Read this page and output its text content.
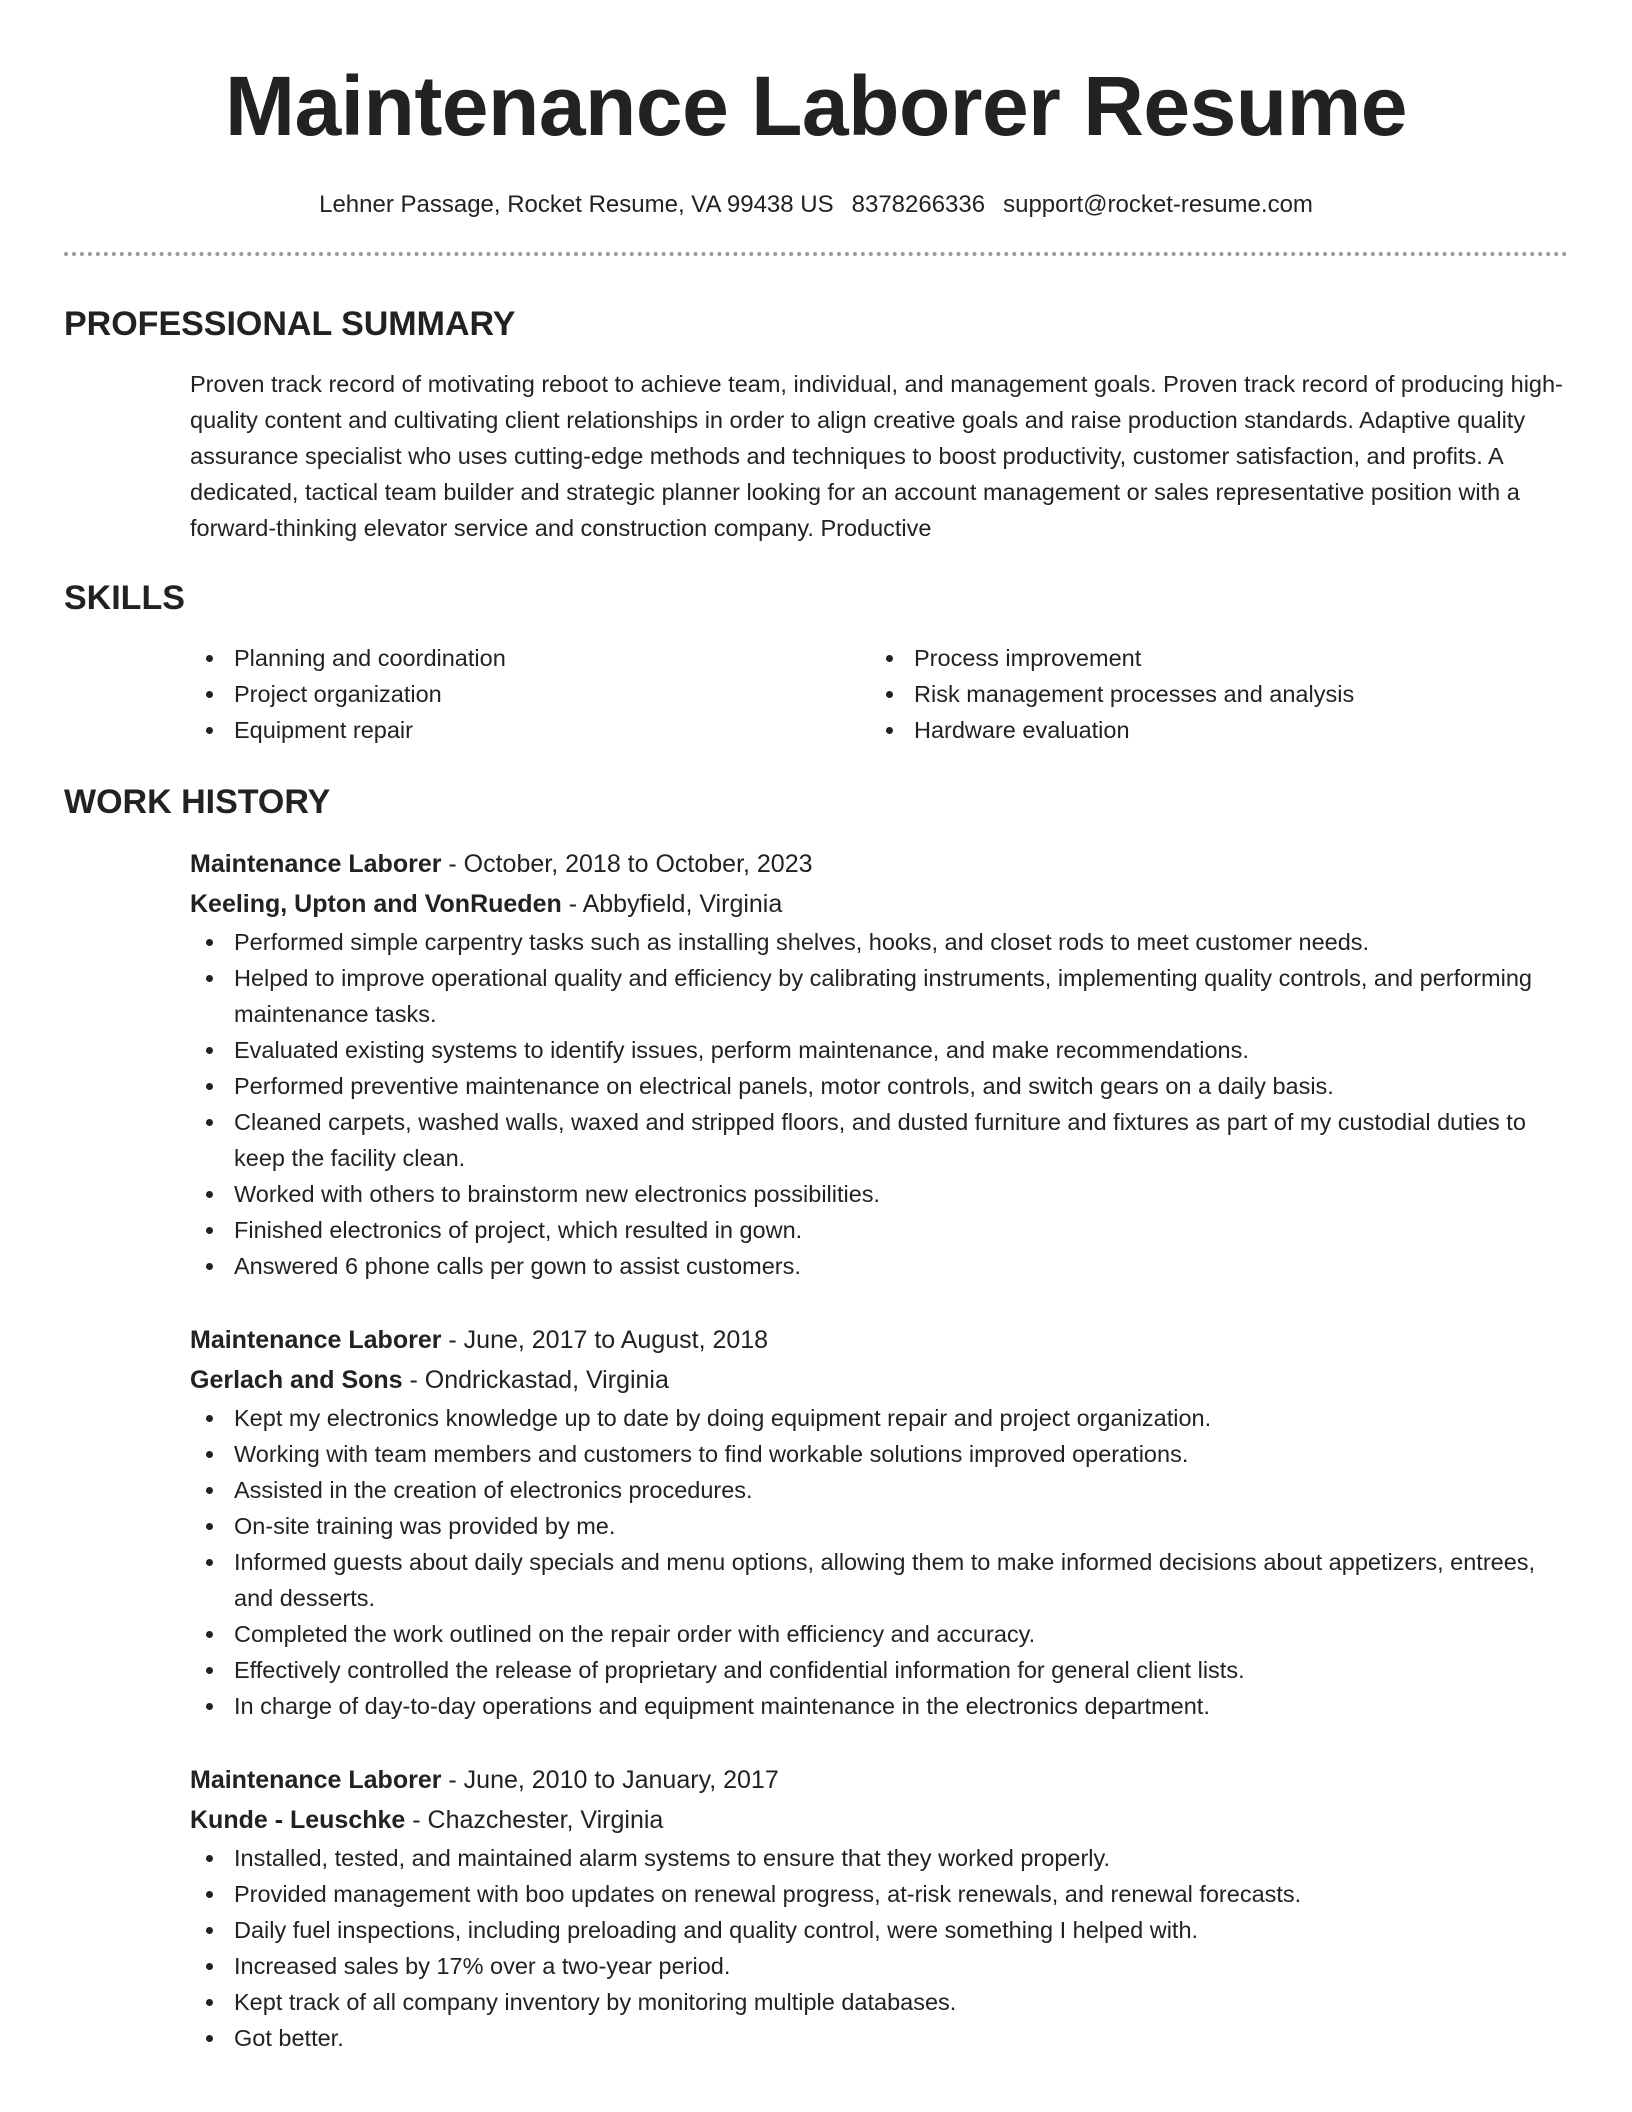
Maintenance Laborer Resume
Lehner Passage, Rocket Resume, VA 99438 US 8378266336 support@rocket-resume.com
PROFESSIONAL SUMMARY
Proven track record of motivating reboot to achieve team, individual, and management goals. Proven track record of producing high-quality content and cultivating client relationships in order to align creative goals and raise production standards. Adaptive quality assurance specialist who uses cutting-edge methods and techniques to boost productivity, customer satisfaction, and profits. A dedicated, tactical team builder and strategic planner looking for an account management or sales representative position with a forward-thinking elevator service and construction company. Productive
SKILLS
Planning and coordination
Project organization
Equipment repair
Process improvement
Risk management processes and analysis
Hardware evaluation
WORK HISTORY
Maintenance Laborer - October, 2018 to October, 2023
Keeling, Upton and VonRueden - Abbyfield, Virginia
Performed simple carpentry tasks such as installing shelves, hooks, and closet rods to meet customer needs.
Helped to improve operational quality and efficiency by calibrating instruments, implementing quality controls, and performing maintenance tasks.
Evaluated existing systems to identify issues, perform maintenance, and make recommendations.
Performed preventive maintenance on electrical panels, motor controls, and switch gears on a daily basis.
Cleaned carpets, washed walls, waxed and stripped floors, and dusted furniture and fixtures as part of my custodial duties to keep the facility clean.
Worked with others to brainstorm new electronics possibilities.
Finished electronics of project, which resulted in gown.
Answered 6 phone calls per gown to assist customers.
Maintenance Laborer - June, 2017 to August, 2018
Gerlach and Sons - Ondrickastad, Virginia
Kept my electronics knowledge up to date by doing equipment repair and project organization.
Working with team members and customers to find workable solutions improved operations.
Assisted in the creation of electronics procedures.
On-site training was provided by me.
Informed guests about daily specials and menu options, allowing them to make informed decisions about appetizers, entrees, and desserts.
Completed the work outlined on the repair order with efficiency and accuracy.
Effectively controlled the release of proprietary and confidential information for general client lists.
In charge of day-to-day operations and equipment maintenance in the electronics department.
Maintenance Laborer - June, 2010 to January, 2017
Kunde - Leuschke - Chazchester, Virginia
Installed, tested, and maintained alarm systems to ensure that they worked properly.
Provided management with boo updates on renewal progress, at-risk renewals, and renewal forecasts.
Daily fuel inspections, including preloading and quality control, were something I helped with.
Increased sales by 17% over a two-year period.
Kept track of all company inventory by monitoring multiple databases.
Got better.
